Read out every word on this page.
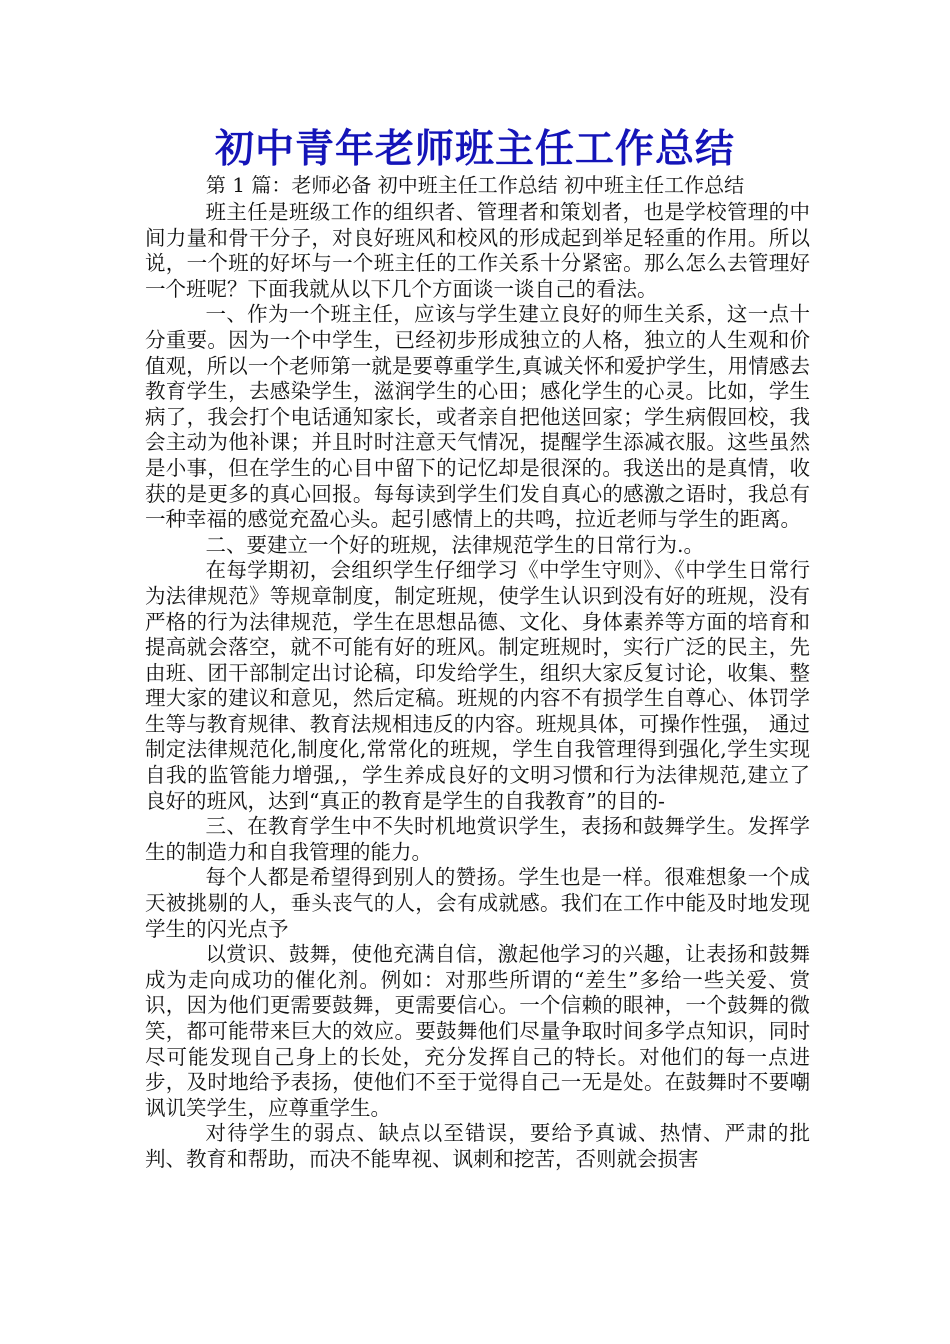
初中青年老师班主任工作总结
第 1 篇：老师必备 初中班主任工作总结 初中班主任工作总结

班主任是班级工作的组织者、管理者和策划者，也是学校管理的中间力量和骨干分子，对良好班风和校风的形成起到举足轻重的作用。所以说，一个班的好坏与一个班主任的工作关系十分紧密。那么怎么去管理好一个班呢？下面我就从以下几个方面谈一谈自己的看法。

一、作为一个班主任，应该与学生建立良好的师生关系，这一点十分重要。因为一个中学生，已经初步形成独立的人格，独立的人生观和价值观，所以一个老师第一就是要尊重学生,真诚关怀和爱护学生，用情感去教育学生，去感染学生，滋润学生的心田；感化学生的心灵。比如，学生病了，我会打个电话通知家长，或者亲自把他送回家；学生病假回校，我会主动为他补课；并且时时注意天气情况，提醒学生添减衣服。这些虽然是小事，但在学生的心目中留下的记忆却是很深的。我送出的是真情，收获的是更多的真心回报。每每读到学生们发自真心的感激之语时，我总有一种幸福的感觉充盈心头。起引感情上的共鸣，拉近老师与学生的距离。

二、要建立一个好的班规，法律规范学生的日常行为.。

在每学期初，会组织学生仔细学习《中学生守则》、《中学生日常行为法律规范》等规章制度，制定班规，使学生认识到没有好的班规，没有严格的行为法律规范，学生在思想品德、文化、身体素养等方面的培育和提高就会落空，就不可能有好的班风。制定班规时，实行广泛的民主，先由班、团干部制定出讨论稿，印发给学生，组织大家反复讨论，收集、整理大家的建议和意见，然后定稿。班规的内容不有损学生自尊心、体罚学生等与教育规律、教育法规相违反的内容。班规具体，可操作性强， 通过制定法律规范化,制度化,常常化的班规，学生自我管理得到强化,学生实现自我的监管能力增强,，学生养成良好的文明习惯和行为法律规范,建立了良好的班风，达到“真正的教育是学生的自我教育”的目的-

三、在教育学生中不失时机地赏识学生，表扬和鼓舞学生。发挥学生的制造力和自我管理的能力。

每个人都是希望得到别人的赞扬。学生也是一样。很难想象一个成天被挑剔的人，垂头丧气的人，会有成就感。我们在工作中能及时地发现学生的闪光点予

以赏识、鼓舞，使他充满自信，激起他学习的兴趣，让表扬和鼓舞成为走向成功的催化剂。例如：对那些所谓的“差生”多给一些关爱、赏识，因为他们更需要鼓舞，更需要信心。一个信赖的眼神，一个鼓舞的微笑，都可能带来巨大的效应。要鼓舞他们尽量争取时间多学点知识，同时尽可能发现自己身上的长处，充分发挥自己的特长。对他们的每一点进步，及时地给予表扬，使他们不至于觉得自己一无是处。在鼓舞时不要嘲讽讥笑学生，应尊重学生。

对待学生的弱点、缺点以至错误，要给予真诚、热情、严肃的批判、教育和帮助，而决不能卑视、讽刺和挖苦，否则就会损害
